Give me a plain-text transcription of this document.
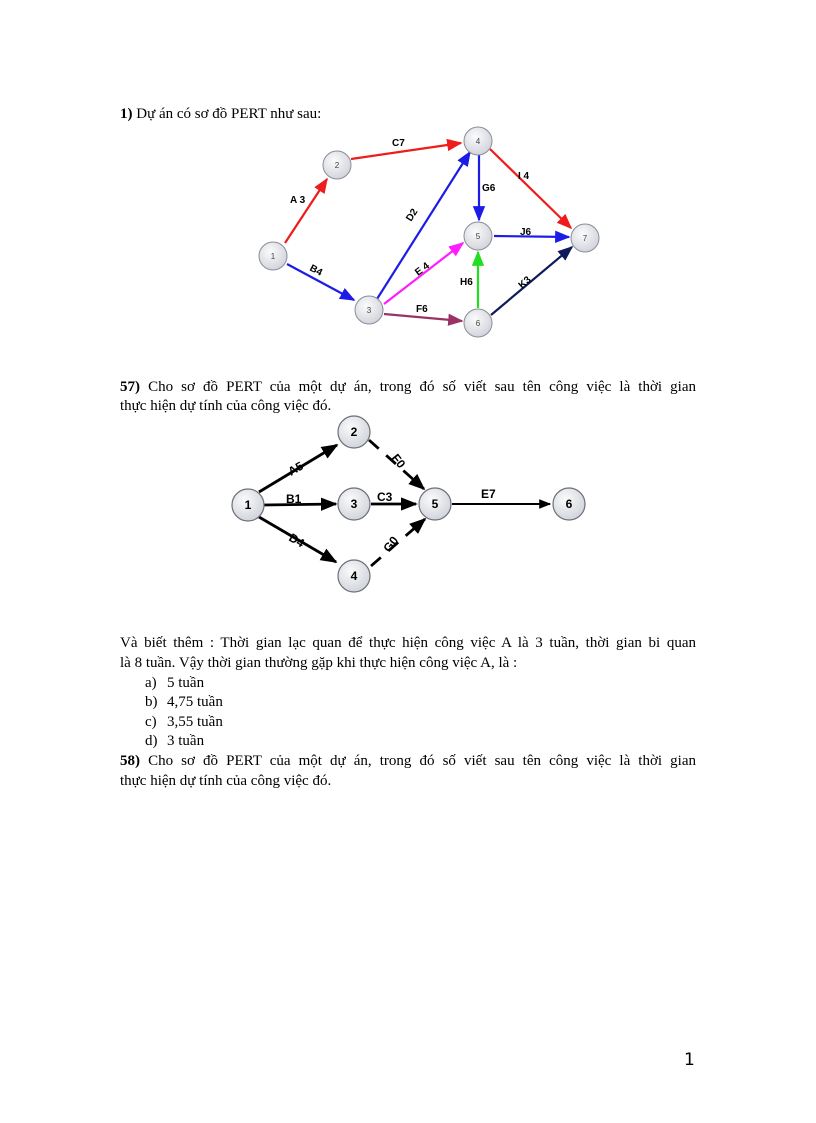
1) Dự án có sơ đồ PERT như sau:
1
2
3
4
5
6
7
A 3
B4
C7
D2
E 4
F6
G6
H6
I 4
J6
K3
57) Cho sơ đồ PERT của một dự án, trong đó số viết sau tên công việc là thời gian
thực hiện dự tính của công việc đó.
1
2
3
4
5	6
A5
B1	C3
D4
F0
G0
E7
Và biết thêm : Thời gian lạc quan để thực hiện công việc A là 3 tuần, thời gian bi quan
là 8 tuần. Vậy thời gian thường gặp khi thực hiện công việc A, là :
a) 5 tuần
b) 4,75 tuần
c) 3,55 tuần
d) 3 tuần
58) Cho sơ đồ PERT của một dự án, trong đó số viết sau tên công việc là thời gian
thực hiện dự tính của công việc đó.
1
